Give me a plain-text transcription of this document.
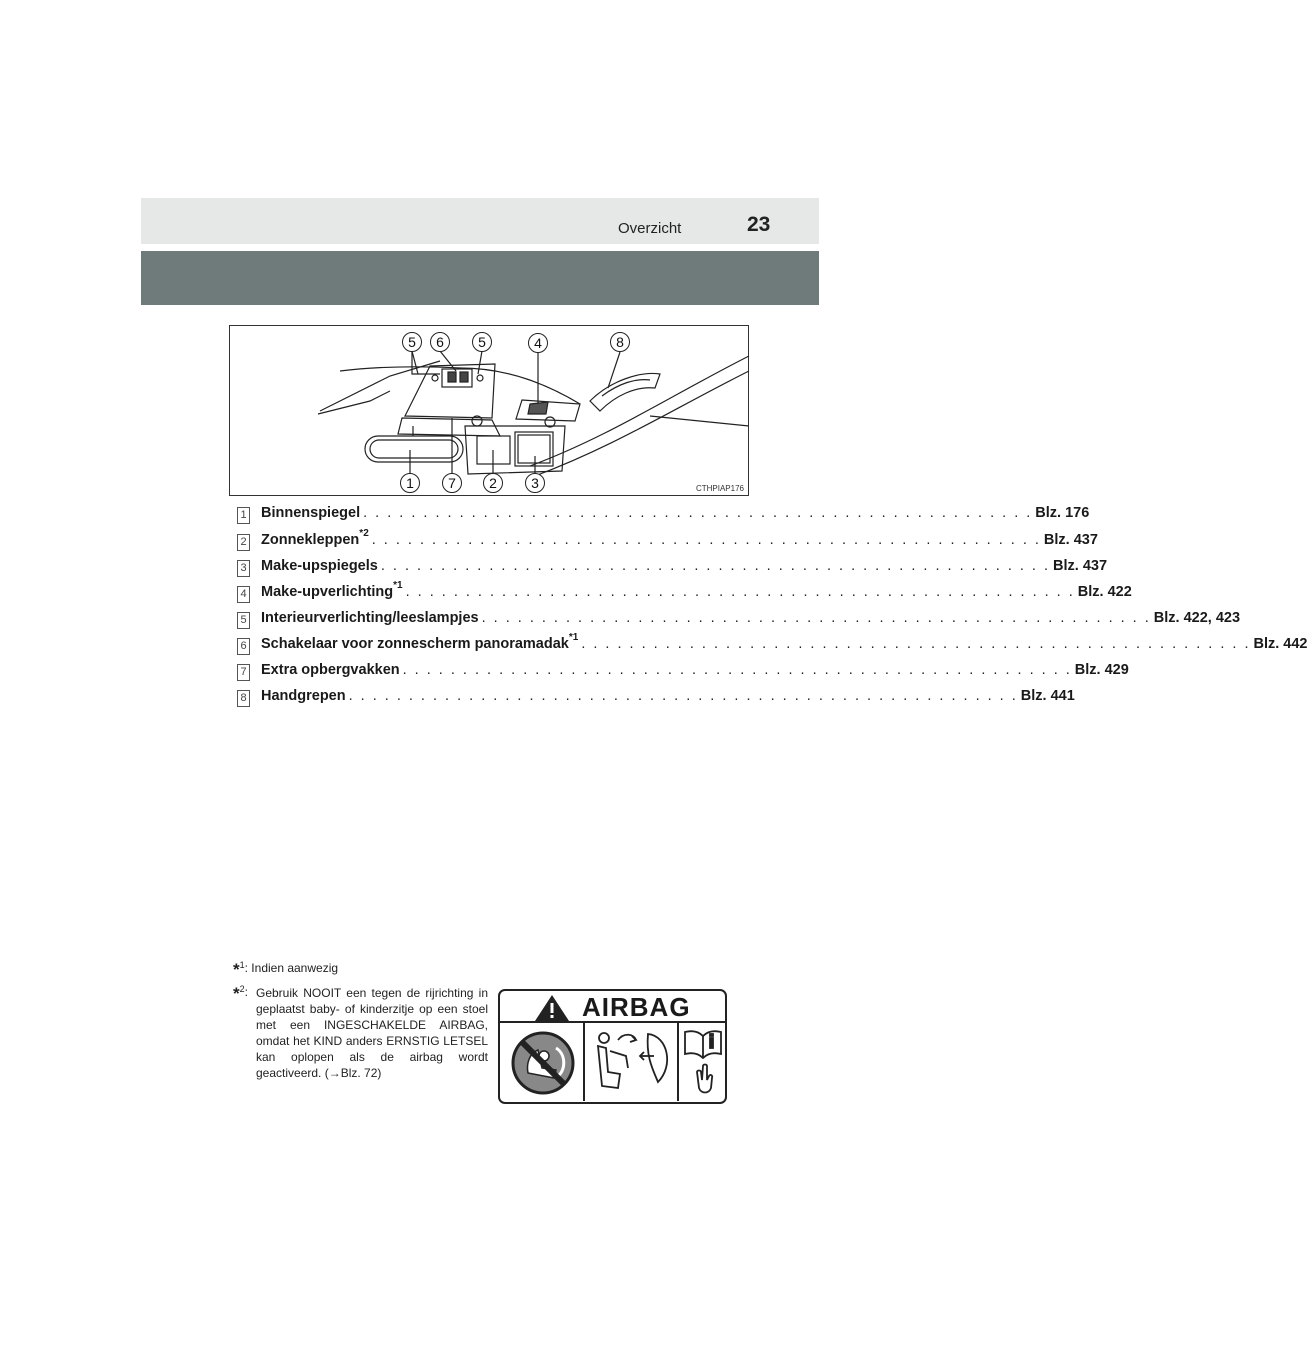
Overzicht	23
5	6	5	4	8
1	7	2	3	CTHPIAP176
1 Binnenspiegel . . . . . . . . . . . . . . . . . . . . . . . . . . . . . . . . . . . . . . . . . . . . . . . . . . . . . . . . Blz. 176
2 Zonnekleppen$^{*2}$ . . . . . . . . . . . . . . . . . . . . . . . . . . . . . . . . . . . . . . . . . . . . . . . . . . . . . . . . Blz. 437
3 Make-upspiegels . . . . . . . . . . . . . . . . . . . . . . . . . . . . . . . . . . . . . . . . . . . . . . . . . . . . . . . . Blz. 437
4 Make-upverlichting$^{*1}$ . . . . . . . . . . . . . . . . . . . . . . . . . . . . . . . . . . . . . . . . . . . . . . . . . . . . . . . . Blz. 422
5 Interieurverlichting/leeslampjes . . . . . . . . . . . . . . . . . . . . . . . . . . . . . . . . . . . . . . . . . . . . . . . . . . . . . . . . Blz. 422, 423
6 Schakelaar voor zonnescherm panoramadak$^{*1}$ . . . . . . . . . . . . . . . . . . . . . . . . . . . . . . . . . . . . . . . . . . . . . . . . . . . . . . . . Blz. 442
7 Extra opbergvakken . . . . . . . . . . . . . . . . . . . . . . . . . . . . . . . . . . . . . . . . . . . . . . . . . . . . . . . . Blz. 429
8 Handgrepen . . . . . . . . . . . . . . . . . . . . . . . . . . . . . . . . . . . . . . . . . . . . . . . . . . . . . . . . Blz. 441
*$^1$: Indien aanwezig
*$^2$: Gebruik NOOIT een tegen de rijrichting in geplaatst baby- of kinderzitje op een stoel met een INGESCHAKELDE AIRBAG, omdat het KIND anders ERNSTIG LETSEL kan oplopen als de airbag wordt geactiveerd. (→Blz. 72)
AIRBAG
